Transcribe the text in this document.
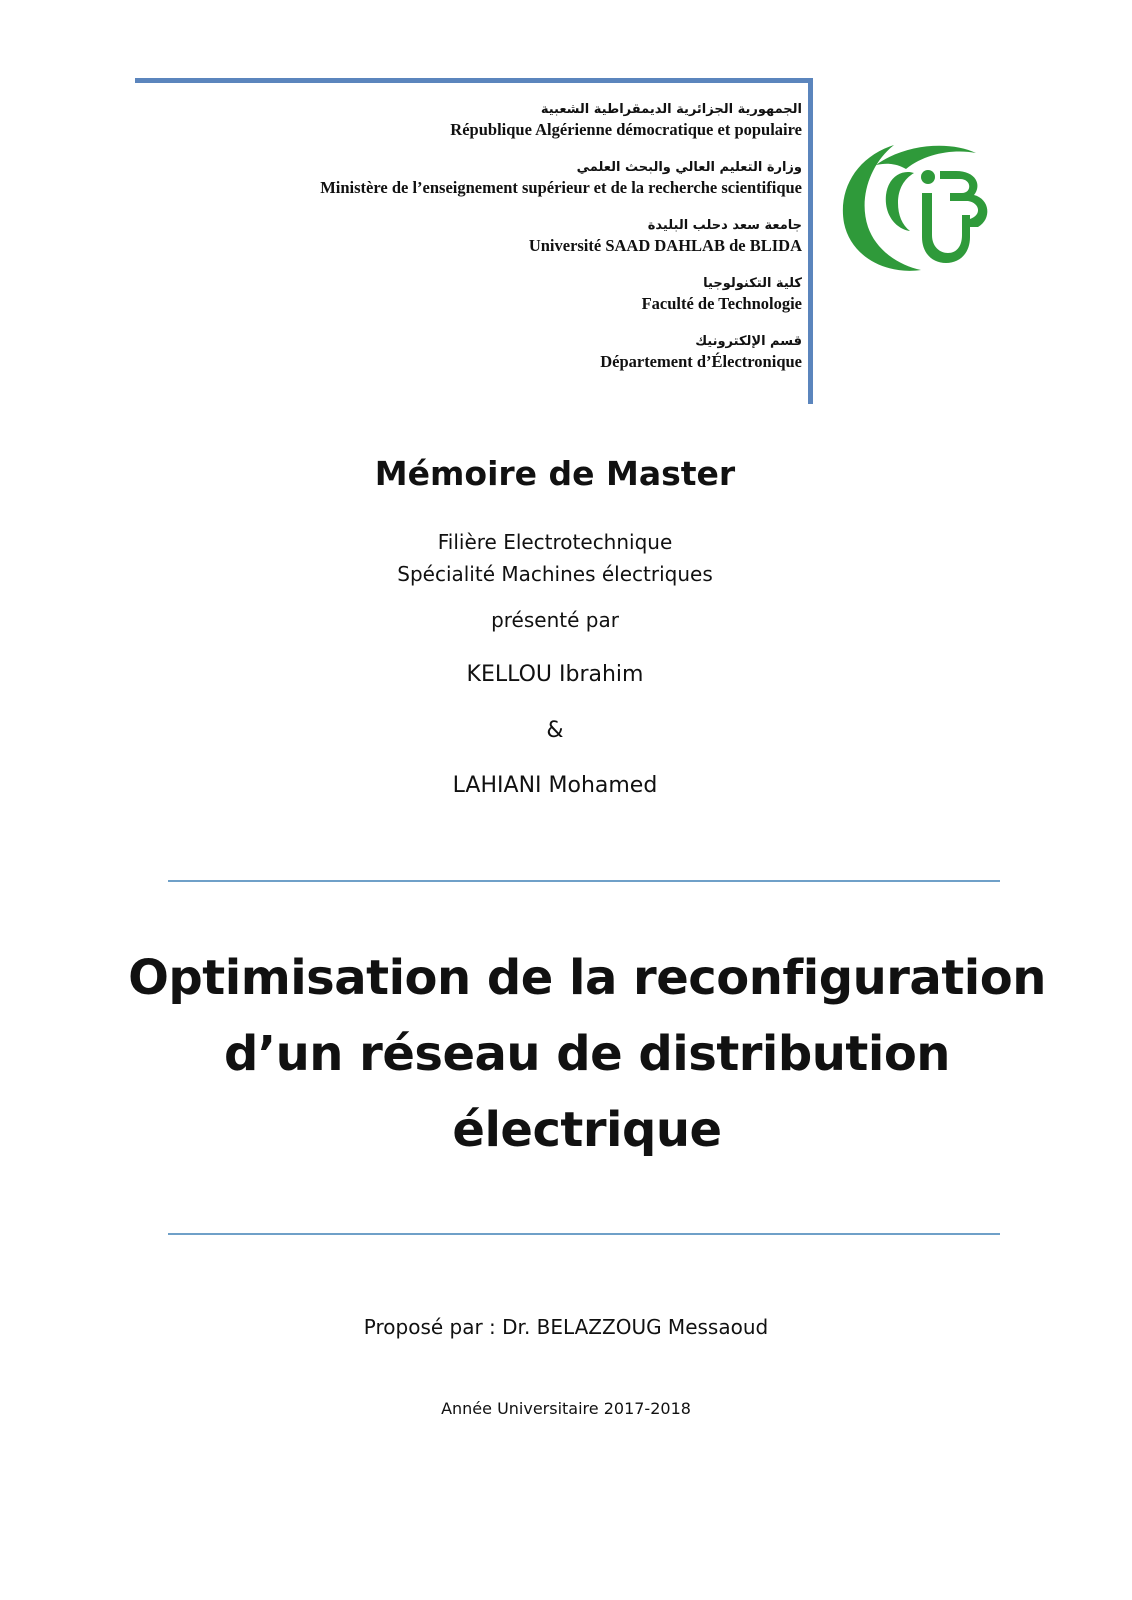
الجمهورية الجزائرية الديمقراطية الشعبية
République Algérienne démocratique et populaire
وزارة التعليم العالي والبحث العلمي
Ministère de l’enseignement supérieur et de la recherche scientifique
جامعة سعد دحلب البليدة
Université SAAD DAHLAB de BLIDA
كلية التكنولوجيا
Faculté de Technologie
قسم الإلكترونيك
Département d’Électronique
Mémoire de Master
Filière Electrotechnique
Spécialité Machines électriques
présenté par
KELLOU Ibrahim
&
LAHIANI Mohamed
Optimisation de la reconfiguration
d’un réseau de distribution
électrique
Proposé par : Dr. BELAZZOUG Messaoud
Année Universitaire 2017-2018
